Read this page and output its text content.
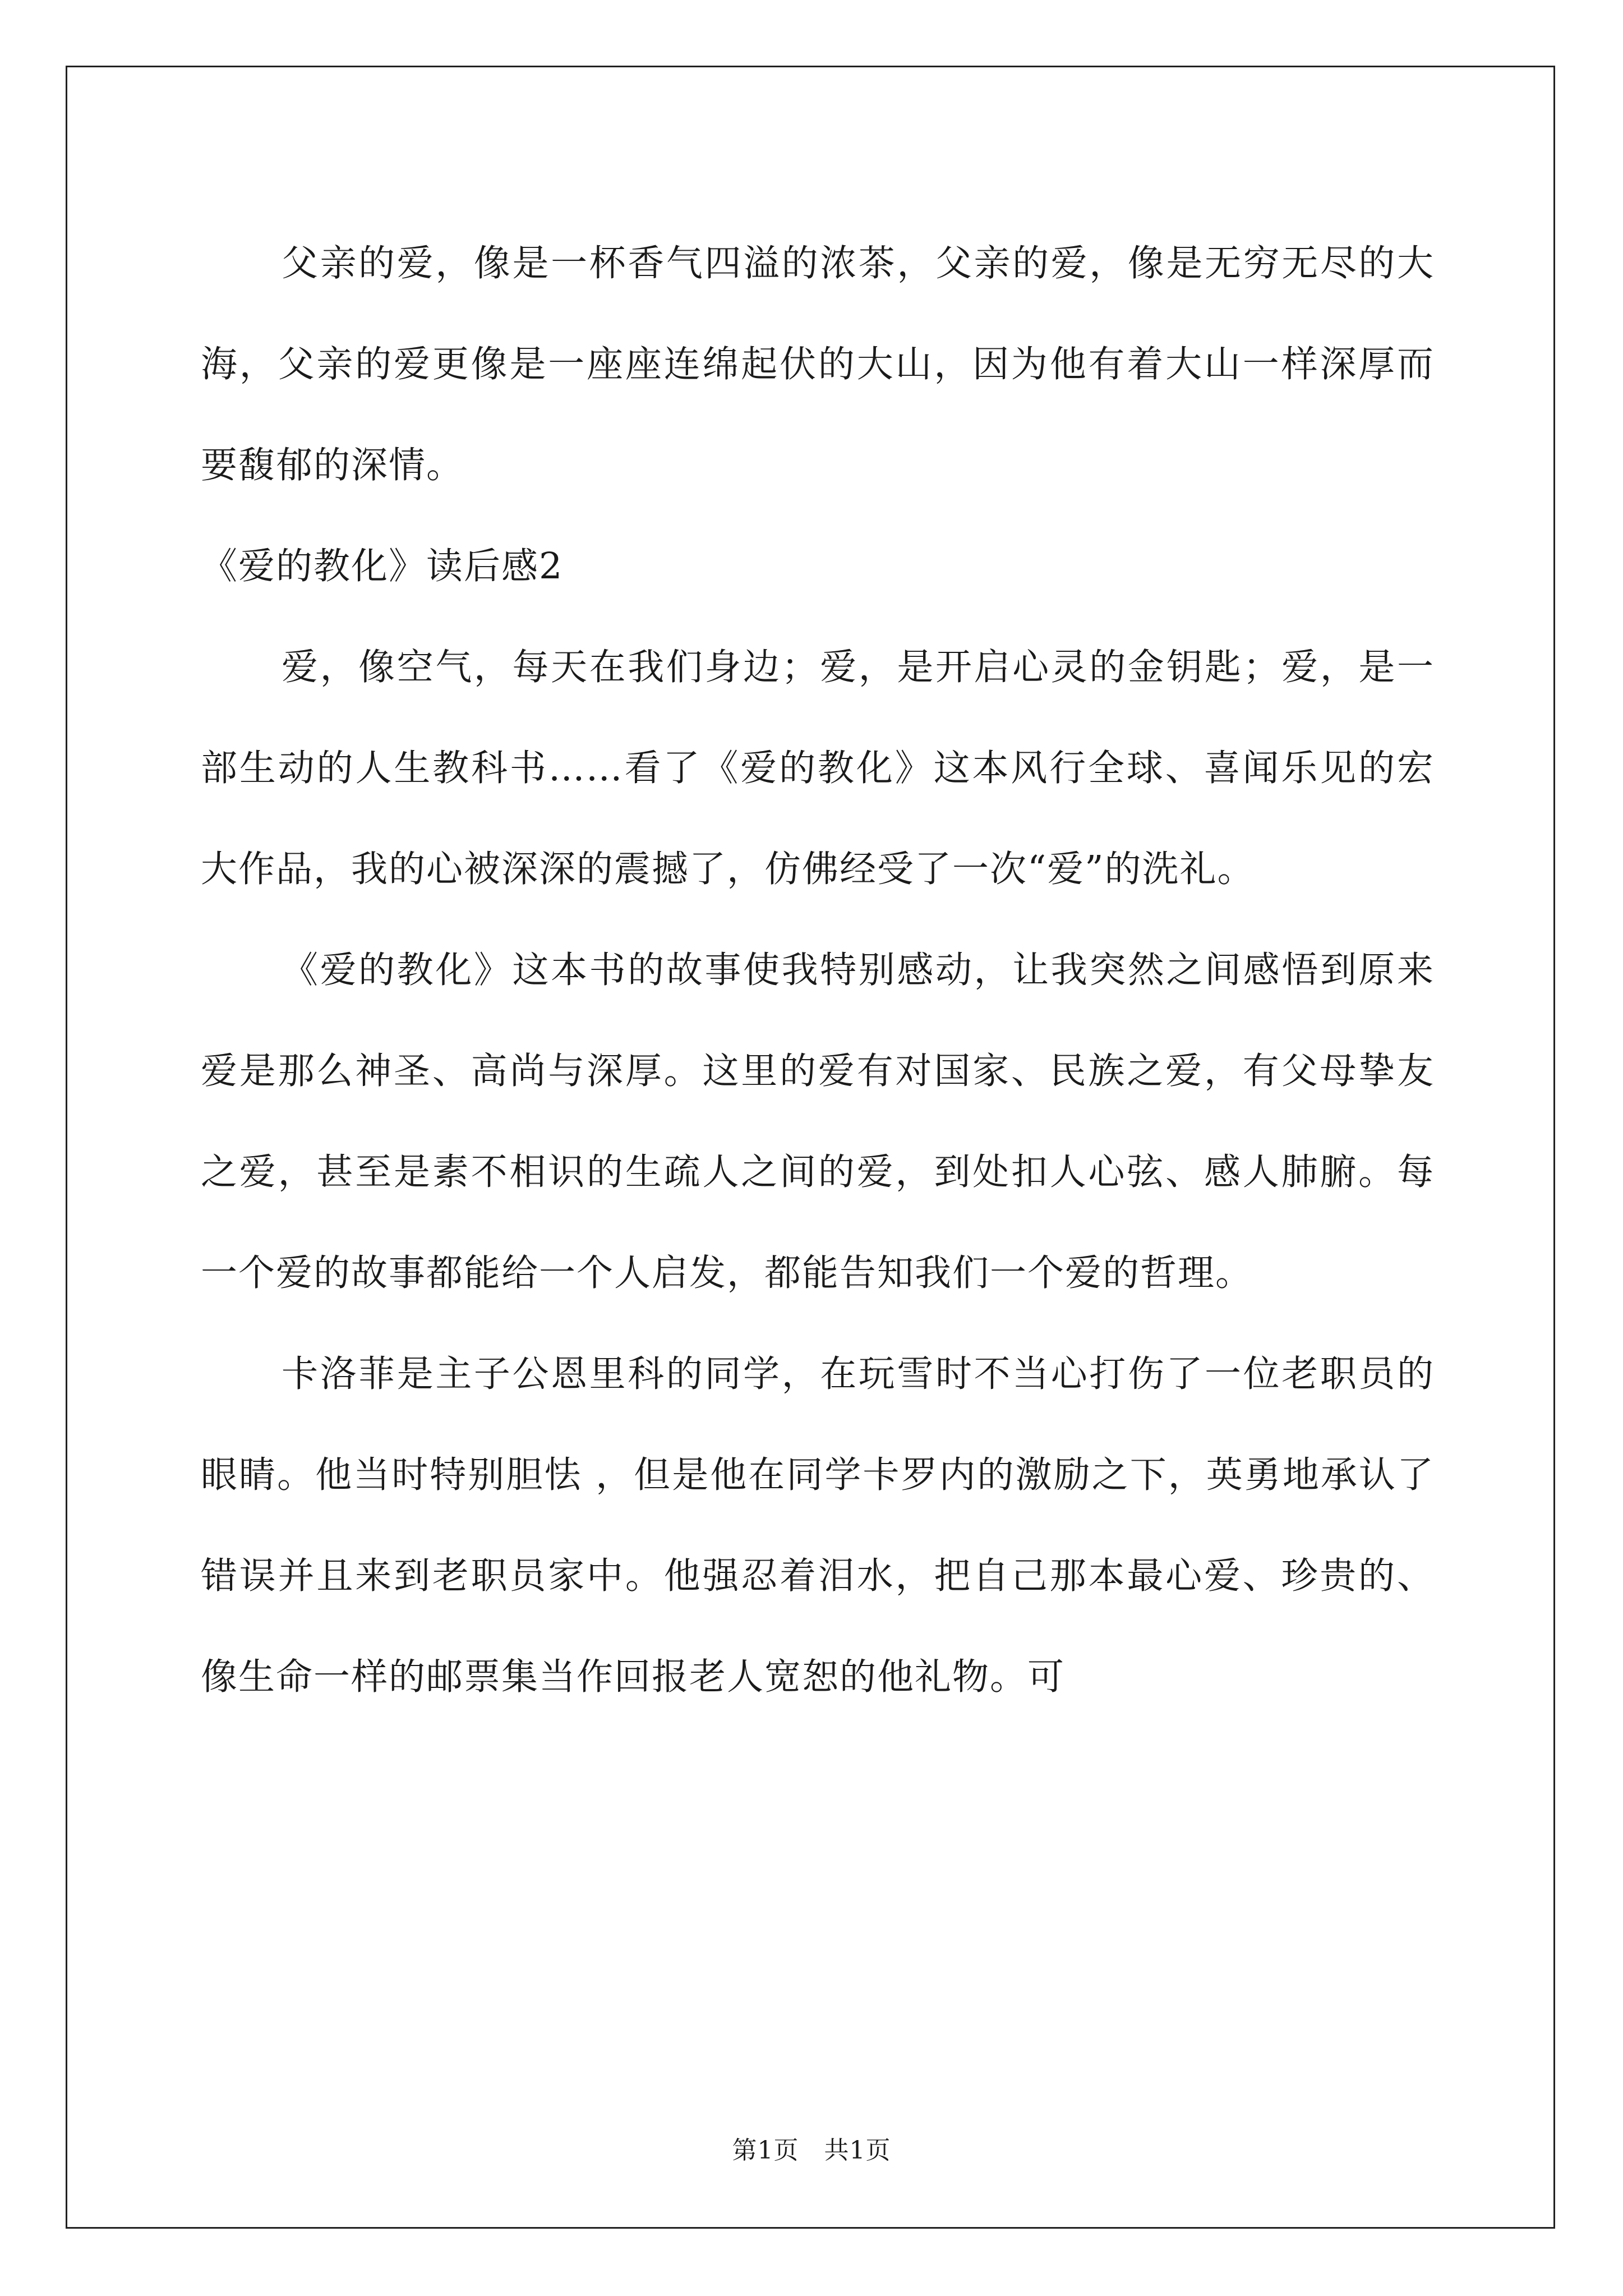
父亲的爱，像是一杯香气四溢的浓茶，父亲的爱，像是无穷无尽的大海，父亲的爱更像是一座座连绵起伏的大山，因为他有着大山一样深厚而要馥郁的深情。

《爱的教化》读后感2

爱，像空气，每天在我们身边；爱，是开启心灵的金钥匙；爱，是一部生动的人生教科书……看了《爱的教化》这本风行全球、喜闻乐见的宏大作品，我的心被深深的震撼了，仿佛经受了一次“爱”的洗礼。

《爱的教化》这本书的故事使我特别感动，让我突然之间感悟到原来爱是那么神圣、高尚与深厚。这里的爱有对国家、民族之爱，有父母挚友之爱，甚至是素不相识的生疏人之间的爱，到处扣人心弦、感人肺腑。每一个爱的故事都能给一个人启发，都能告知我们一个爱的哲理。

卡洛菲是主子公恩里科的同学，在玩雪时不当心打伤了一位老职员的眼睛。他当时特别胆怯 ，但是他在同学卡罗内的激励之下，英勇地承认了错误并且来到老职员家中。他强忍着泪水，把自己那本最心爱、珍贵的、像生命一样的邮票集当作回报老人宽恕的他礼物。可

第1页　共1页
